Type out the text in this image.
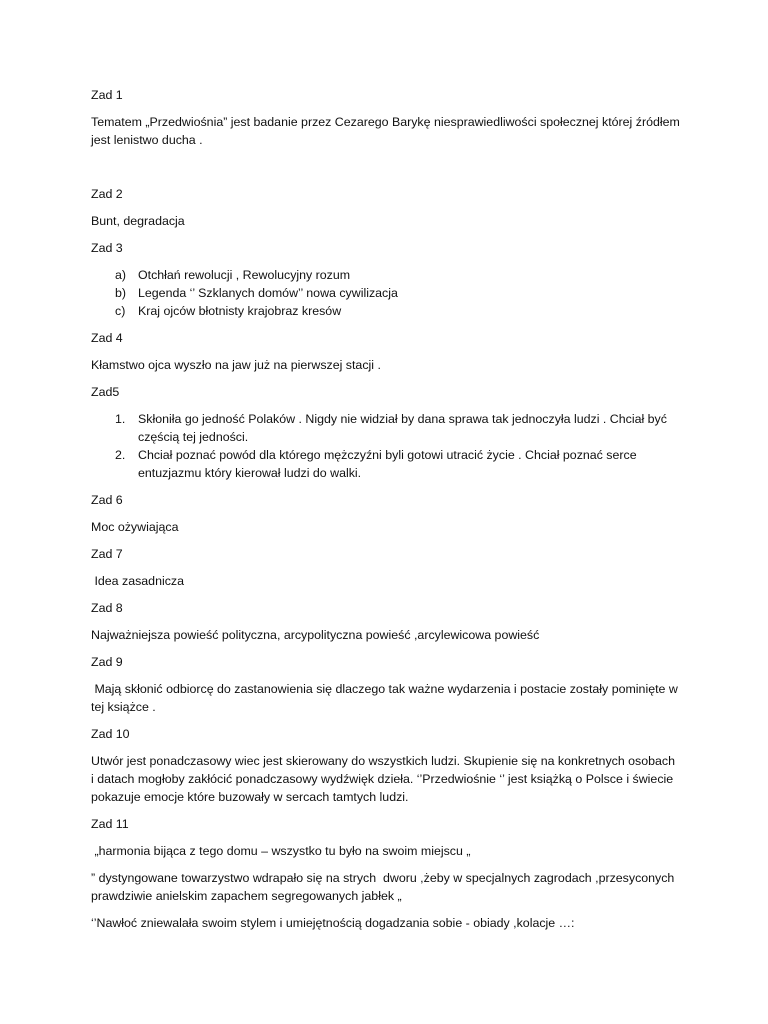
Zad 1
Tematem „Przedwiośnia” jest badanie przez Cezarego Barykę niesprawiedliwości społecznej której źródłem jest lenistwo ducha .
Zad 2
Bunt, degradacja
Zad 3
a) Otchłań rewolucji , Rewolucyjny rozum
b) Legenda ‘’ Szklanych domów’’ nowa cywilizacja
c) Kraj ojców błotnisty krajobraz kresów
Zad 4
Kłamstwo ojca wyszło na jaw już na pierwszej stacji .
Zad5
1. Skłoniła go jedność Polaków . Nigdy nie widział by dana sprawa tak jednoczyła ludzi . Chciał być częścią tej jedności.
2. Chciał poznać powód dla którego mężczyźni byli gotowi utracić życie . Chciał poznać serce entuzjazmu który kierował ludzi do walki.
Zad 6
Moc ożywiająca
Zad 7
Idea zasadnicza
Zad 8
Najważniejsza powieść polityczna, arcypolityczna powieść ,arcylewicowa powieść
Zad 9
Mają skłonić odbiorcę do zastanowienia się dlaczego tak ważne wydarzenia i postacie zostały pominięte w tej książce .
Zad 10
Utwór jest ponadczasowy wiec jest skierowany do wszystkich ludzi. Skupienie się na konkretnych osobach i datach mogłoby zakłócić ponadczasowy wydźwięk dzieła. ‘’Przedwiośnie ‘’ jest książką o Polsce i świecie pokazuje emocje które buzowały w sercach tamtych ludzi.
Zad 11
„harmonia bijąca z tego domu – wszystko tu było na swoim miejscu „
” dystyngowane towarzystwo wdrapało się na strych  dworu ,żeby w specjalnych zagrodach ,przesyconych prawdziwie anielskim zapachem segregowanych jabłek „
‘’Nawłoć zniewalała swoim stylem i umiejętnością dogadzania sobie - obiady ,kolacje …:
